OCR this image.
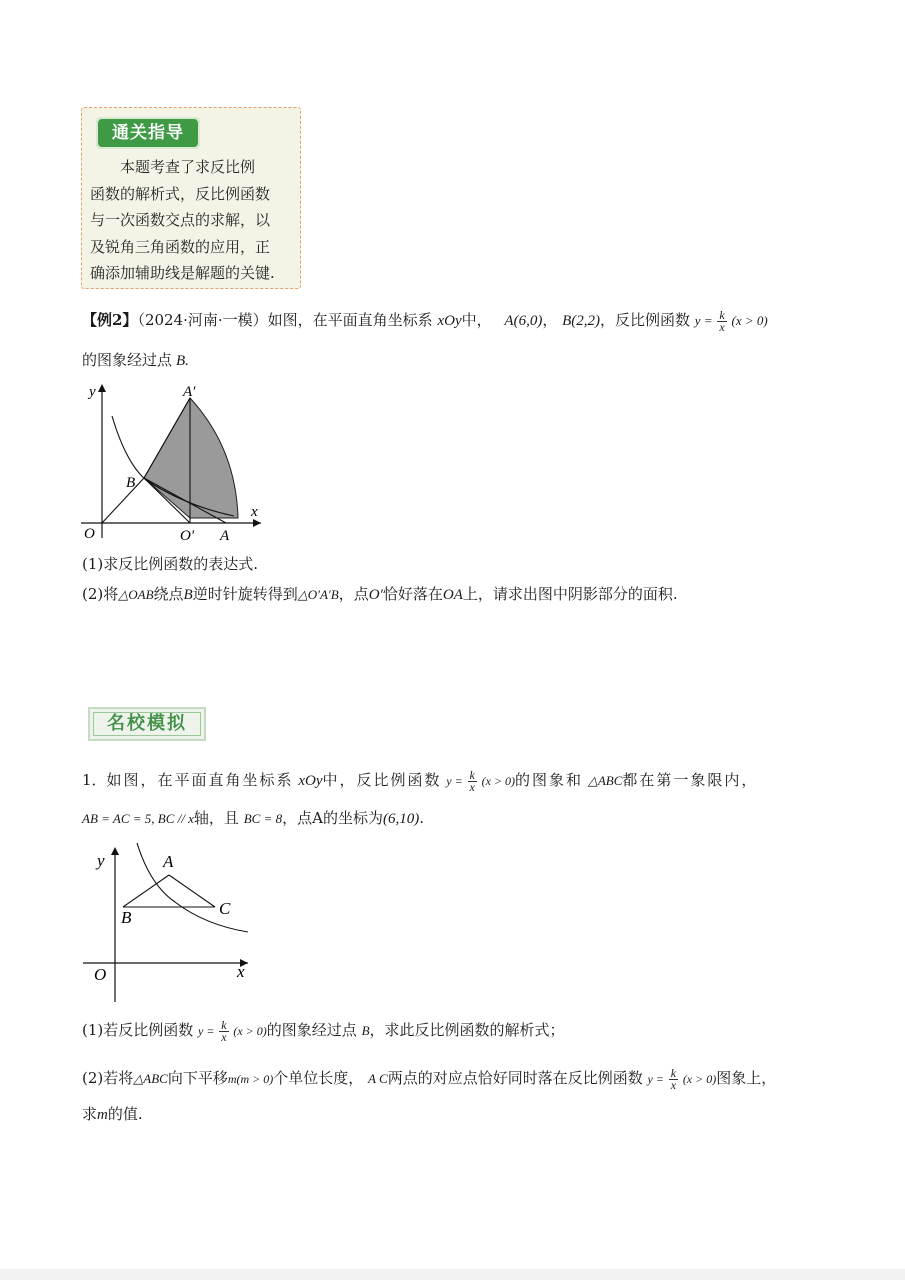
通关指导
本题考查了求反比例
函数的解析式，反比例函数
与一次函数交点的求解，以
及锐角三角函数的应用，正
确添加辅助线是解题的关键.
【例2】（2024·河南·一模）如图，在平面直角坐标系 xOy中， A(6,0)， B(2,2)，反比例函数 $y = \frac{k}{x} (x > 0)$
的图象经过点 B.
y
x
O	A
B
A′
O′
(1)求反比例函数的表达式.
(2)将△OAB绕点B逆时针旋转得到△O′A′B，点O′恰好落在OA上，请求出图中阴影部分的面积.
名校模拟
1．如图，在平面直角坐标系 xOy中，反比例函数 $y = \frac{k}{x} (x > 0)$的图象和 △ABC都在第一象限内，
AB = AC = 5, BC // x轴，且 BC = 8，点A的坐标为(6,10).
y
x
O
A
B	C
(1)若反比例函数 $y = \frac{k}{x} (x > 0)$的图象经过点 B，求此反比例函数的解析式；
(2)若将△ABC向下平移m(m > 0)个单位长度， A C两点的对应点恰好同时落在反比例函数 $y = \frac{k}{x} (x > 0)$图象上，
求m的值.
